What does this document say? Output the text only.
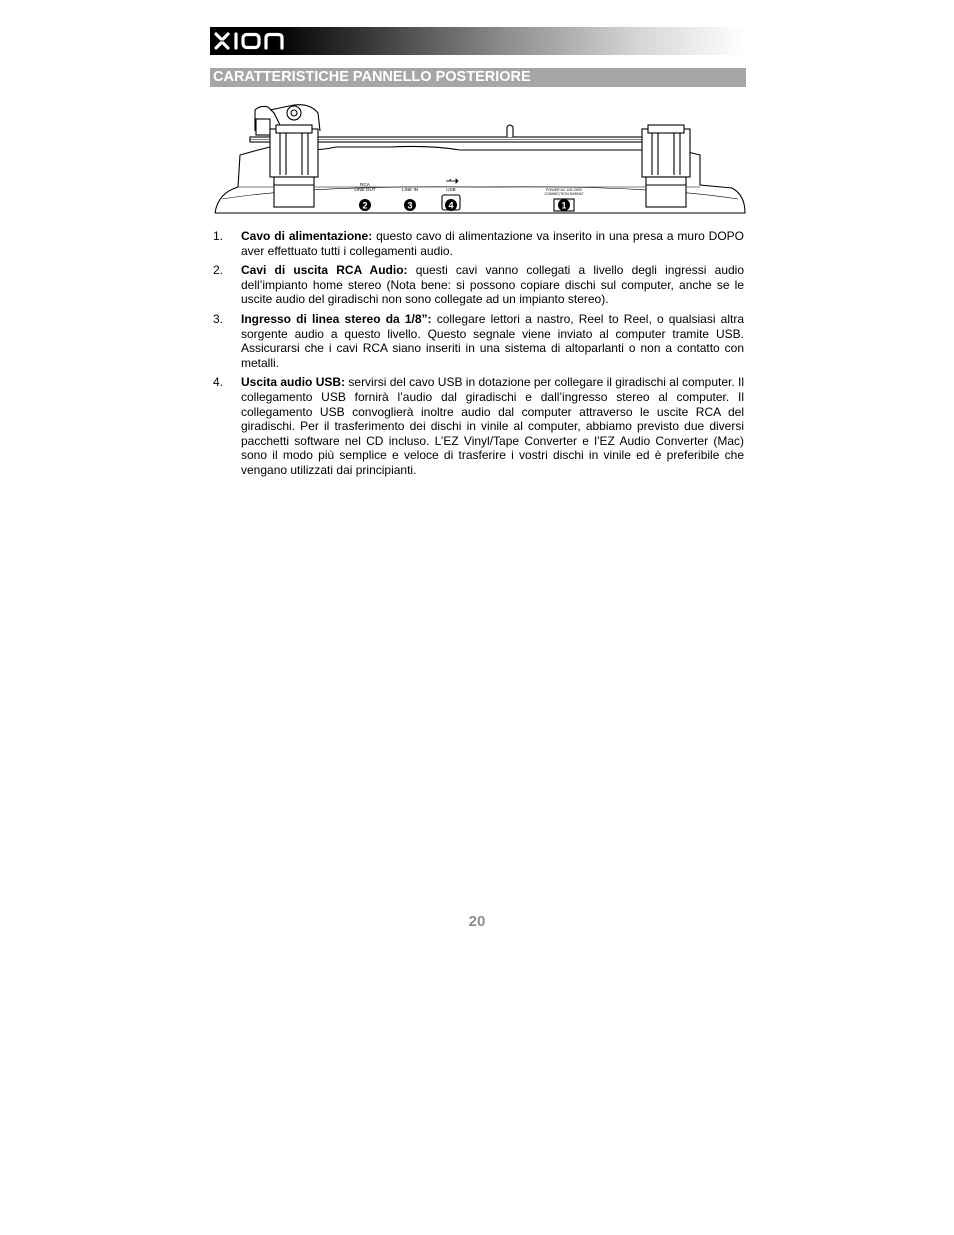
CARATTERISTICHE PANNELLO POSTERIORE
RCA
LINE OUT	LINE IN	USB	POWER AC 100-240V
CONNECTION 50/60HZ
2	3	4	1
1. Cavo di alimentazione: questo cavo di alimentazione va inserito in una presa a muro DOPO aver effettuato tutti i collegamenti audio.
2. Cavi di uscita RCA Audio: questi cavi vanno collegati a livello degli ingressi audio dell’impianto home stereo (Nota bene: si possono copiare dischi sul computer, anche se le uscite audio del giradischi non sono collegate ad un impianto stereo).
3. Ingresso di linea stereo da 1/8”: collegare lettori a nastro, Reel to Reel, o qualsiasi altra sorgente audio a questo livello. Questo segnale viene inviato al computer tramite USB. Assicurarsi che i cavi RCA siano inseriti in una sistema di altoparlanti o non a contatto con metalli.
4. Uscita audio USB: servirsi del cavo USB in dotazione per collegare il giradischi al computer. Il collegamento USB fornirà l’audio dal giradischi e dall’ingresso stereo al computer. Il collegamento USB convoglierà inoltre audio dal computer attraverso le uscite RCA del giradischi. Per il trasferimento dei dischi in vinile al computer, abbiamo previsto due diversi pacchetti software nel CD incluso. L’EZ Vinyl/Tape Converter e l’EZ Audio Converter (Mac) sono il modo più semplice e veloce di trasferire i vostri dischi in vinile ed è preferibile che vengano utilizzati dai principianti.
20
